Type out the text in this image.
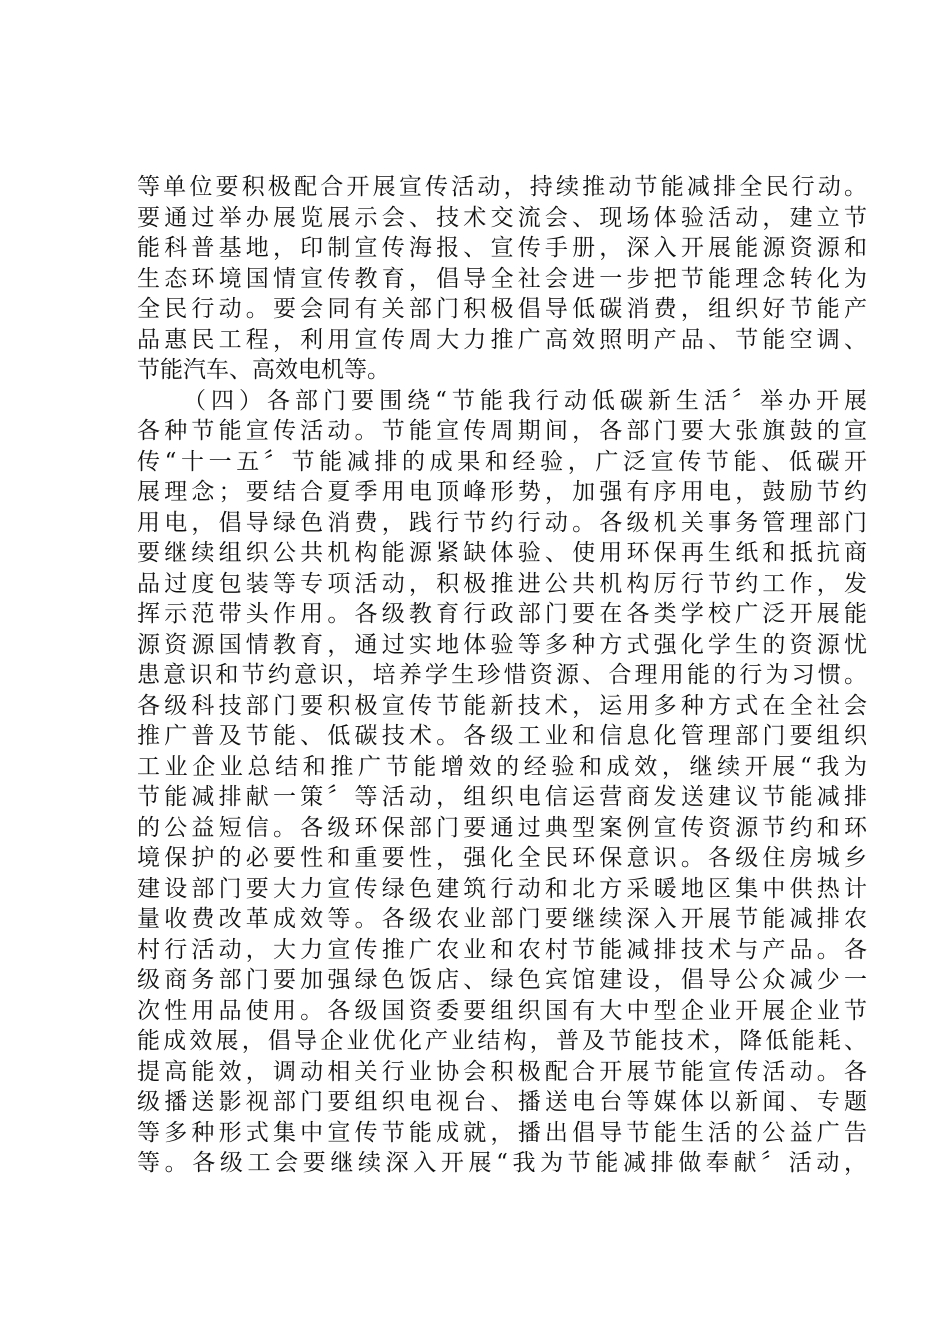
等单位要积极配合开展宣传活动，持续推动节能减排全民行动。
要通过举办展览展示会、技术交流会、现场体验活动，建立节
能科普基地，印制宣传海报、宣传手册，深入开展能源资源和
生态环境国情宣传教育，倡导全社会进一步把节能理念转化为
全民行动。要会同有关部门积极倡导低碳消费，组织好节能产
品惠民工程，利用宣传周大力推广高效照明产品、节能空调、
节能汽车、高效电机等。
（四）各部门要围绕“节能我行动低碳新生活〞举办开展
各种节能宣传活动。节能宣传周期间，各部门要大张旗鼓的宣
传“十一五〞节能减排的成果和经验，广泛宣传节能、低碳开
展理念；要结合夏季用电顶峰形势，加强有序用电，鼓励节约
用电，倡导绿色消费，践行节约行动。各级机关事务管理部门
要继续组织公共机构能源紧缺体验、使用环保再生纸和抵抗商
品过度包装等专项活动，积极推进公共机构厉行节约工作，发
挥示范带头作用。各级教育行政部门要在各类学校广泛开展能
源资源国情教育，通过实地体验等多种方式强化学生的资源忧
患意识和节约意识，培养学生珍惜资源、合理用能的行为习惯。
各级科技部门要积极宣传节能新技术，运用多种方式在全社会
推广普及节能、低碳技术。各级工业和信息化管理部门要组织
工业企业总结和推广节能增效的经验和成效，继续开展“我为
节能减排献一策〞等活动，组织电信运营商发送建议节能减排
的公益短信。各级环保部门要通过典型案例宣传资源节约和环
境保护的必要性和重要性，强化全民环保意识。各级住房城乡
建设部门要大力宣传绿色建筑行动和北方采暖地区集中供热计
量收费改革成效等。各级农业部门要继续深入开展节能减排农
村行活动，大力宣传推广农业和农村节能减排技术与产品。各
级商务部门要加强绿色饭店、绿色宾馆建设，倡导公众减少一
次性用品使用。各级国资委要组织国有大中型企业开展企业节
能成效展，倡导企业优化产业结构，普及节能技术，降低能耗、
提高能效，调动相关行业协会积极配合开展节能宣传活动。各
级播送影视部门要组织电视台、播送电台等媒体以新闻、专题
等多种形式集中宣传节能成就，播出倡导节能生活的公益广告
等。各级工会要继续深入开展“我为节能减排做奉献〞活动，
